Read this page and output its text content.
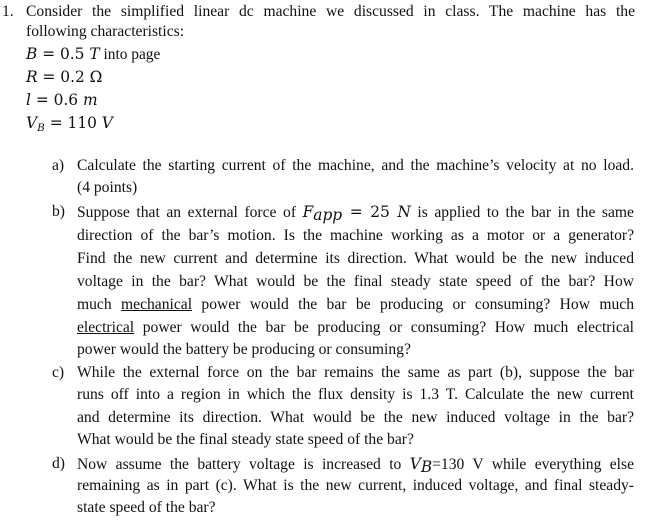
1. Consider the simplified linear dc machine we discussed in class. The machine has the
following characteristics:
B = 0.5 T into page
R = 0.2 Ω
l = 0.6 m
$V_B = 110$ V
a) Calculate the starting current of the machine, and the machine’s velocity at no load.
(4 points)
b) Suppose that an external force of $F_{app} = 25$ N is applied to the bar in the same
direction of the bar’s motion. Is the machine working as a motor or a generator?
Find the new current and determine its direction. What would be the new induced
voltage in the bar? What would be the final steady state speed of the bar? How
much mechanical power would the bar be producing or consuming? How much
electrical power would the bar be producing or consuming? How much electrical
power would the battery be producing or consuming?
c) While the external force on the bar remains the same as part (b), suppose the bar
runs off into a region in which the flux density is 1.3 T. Calculate the new current
and determine its direction. What would be the new induced voltage in the bar?
What would be the final steady state speed of the bar?
d) Now assume the battery voltage is increased to $V_B=130$ V while everything else
remaining as in part (c). What is the new current, induced voltage, and final steady-
state speed of the bar?
